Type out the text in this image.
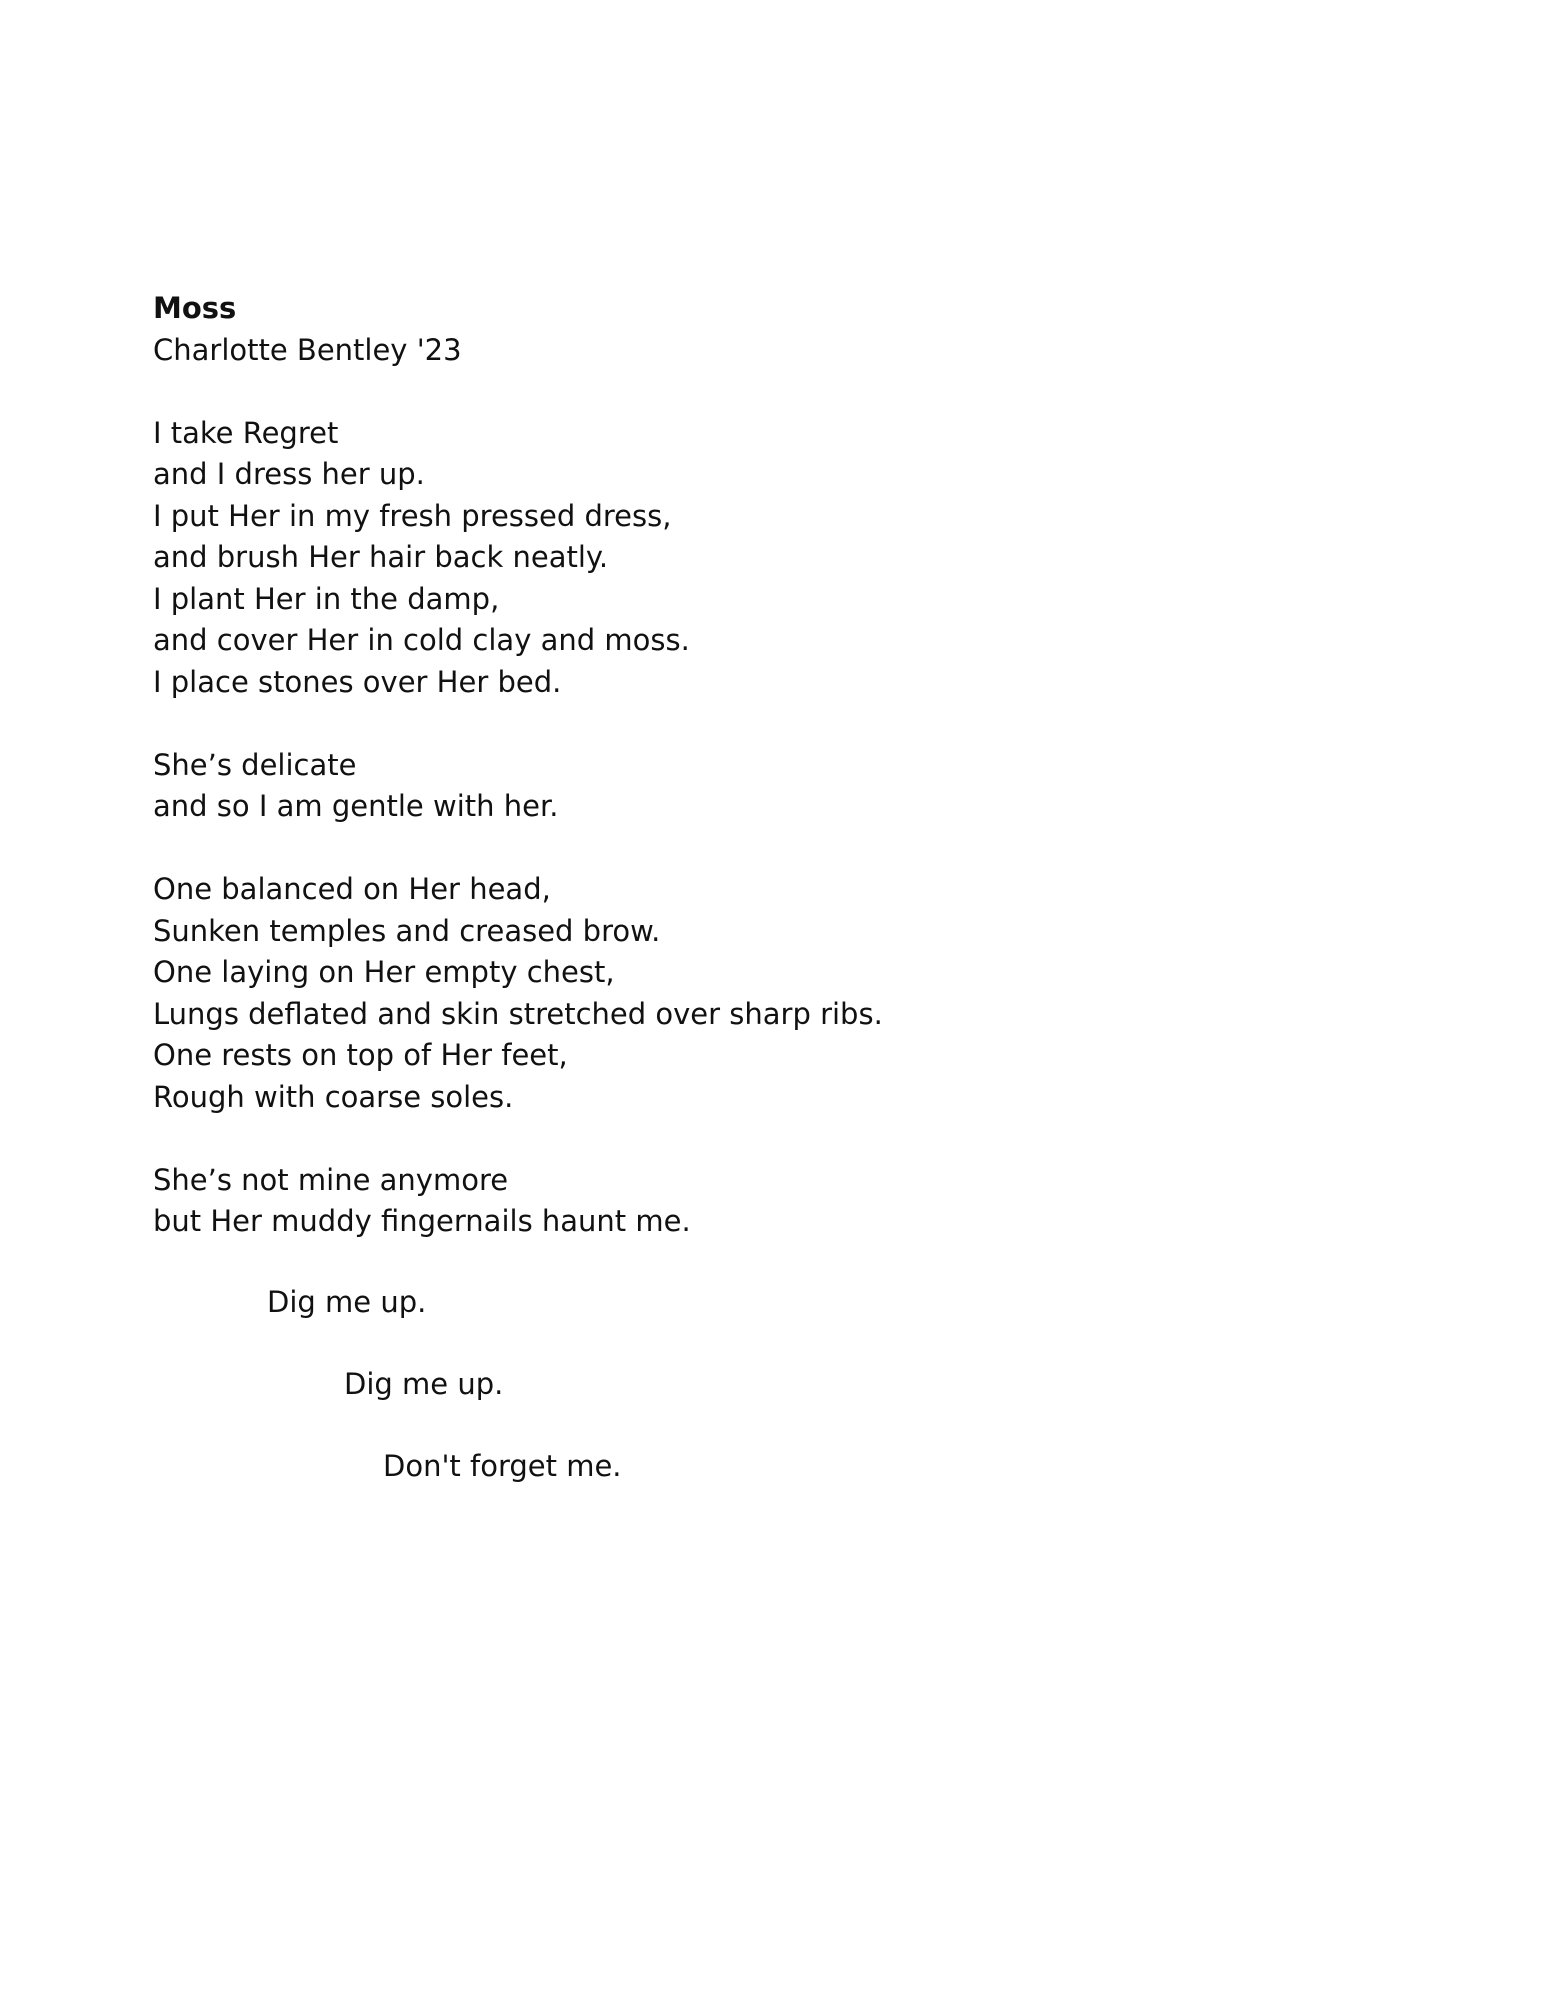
Moss
Charlotte Bentley '23
I take Regret
and I dress her up.
I put Her in my fresh pressed dress,
and brush Her hair back neatly.
I plant Her in the damp,
and cover Her in cold clay and moss.
I place stones over Her bed.
She’s delicate
and so I am gentle with her.
One balanced on Her head,
Sunken temples and creased brow.
One laying on Her empty chest,
Lungs deflated and skin stretched over sharp ribs.
One rests on top of Her feet,
Rough with coarse soles.
She’s not mine anymore
but Her muddy fingernails haunt me.
Dig me up.
Dig me up.
Don't forget me.
